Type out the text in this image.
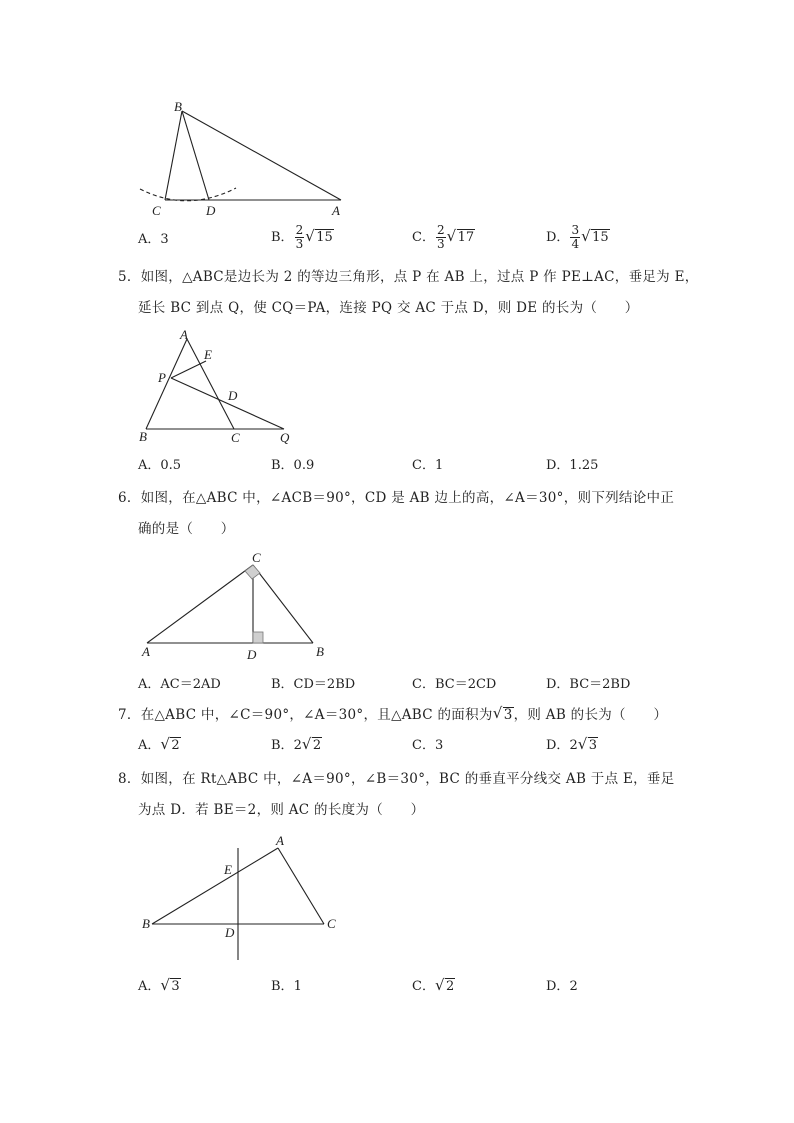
B
C	D	A
A．3	B． $\frac{2}{3}$ √ 15	C． $\frac{2}{3}$ √ 17	D． $\frac{3}{4}$ √ 15
5．如图，△ABC是边长为 2 的等边三角形，点 P 在 AB 上，过点 P 作 PE⊥AC，垂足为 E，
延长 BC 到点 Q，使 CQ＝PA，连接 PQ 交 AC 于点 D，则 DE 的长为（　　）
A
E
P
D
B	C	Q
A．0.5	B．0.9	C．1	D．1.25
6．如图，在△ABC 中，∠ACB＝90°，CD 是 AB 边上的高，∠A＝30°，则下列结论中正
确的是（　　）
C
A	D	B
A．AC＝2AD	B．CD＝2BD	C．BC＝2CD	D．BC＝2BD
7．在△ABC 中，∠C＝90°，∠A＝30°，且△ABC 的面积为 √ 3，则 AB 的长为（　　）
A． √ 2	B．2 √ 2	C．3	D．2 √ 3
8．如图，在 Rt△ABC 中，∠A＝90°，∠B＝30°，BC 的垂直平分线交 AB 于点 E，垂足
为点 D．若 BE＝2，则 AC 的长度为（　　）
A
E
B
D
C
A． √ 3	B．1	C． √ 2	D．2
